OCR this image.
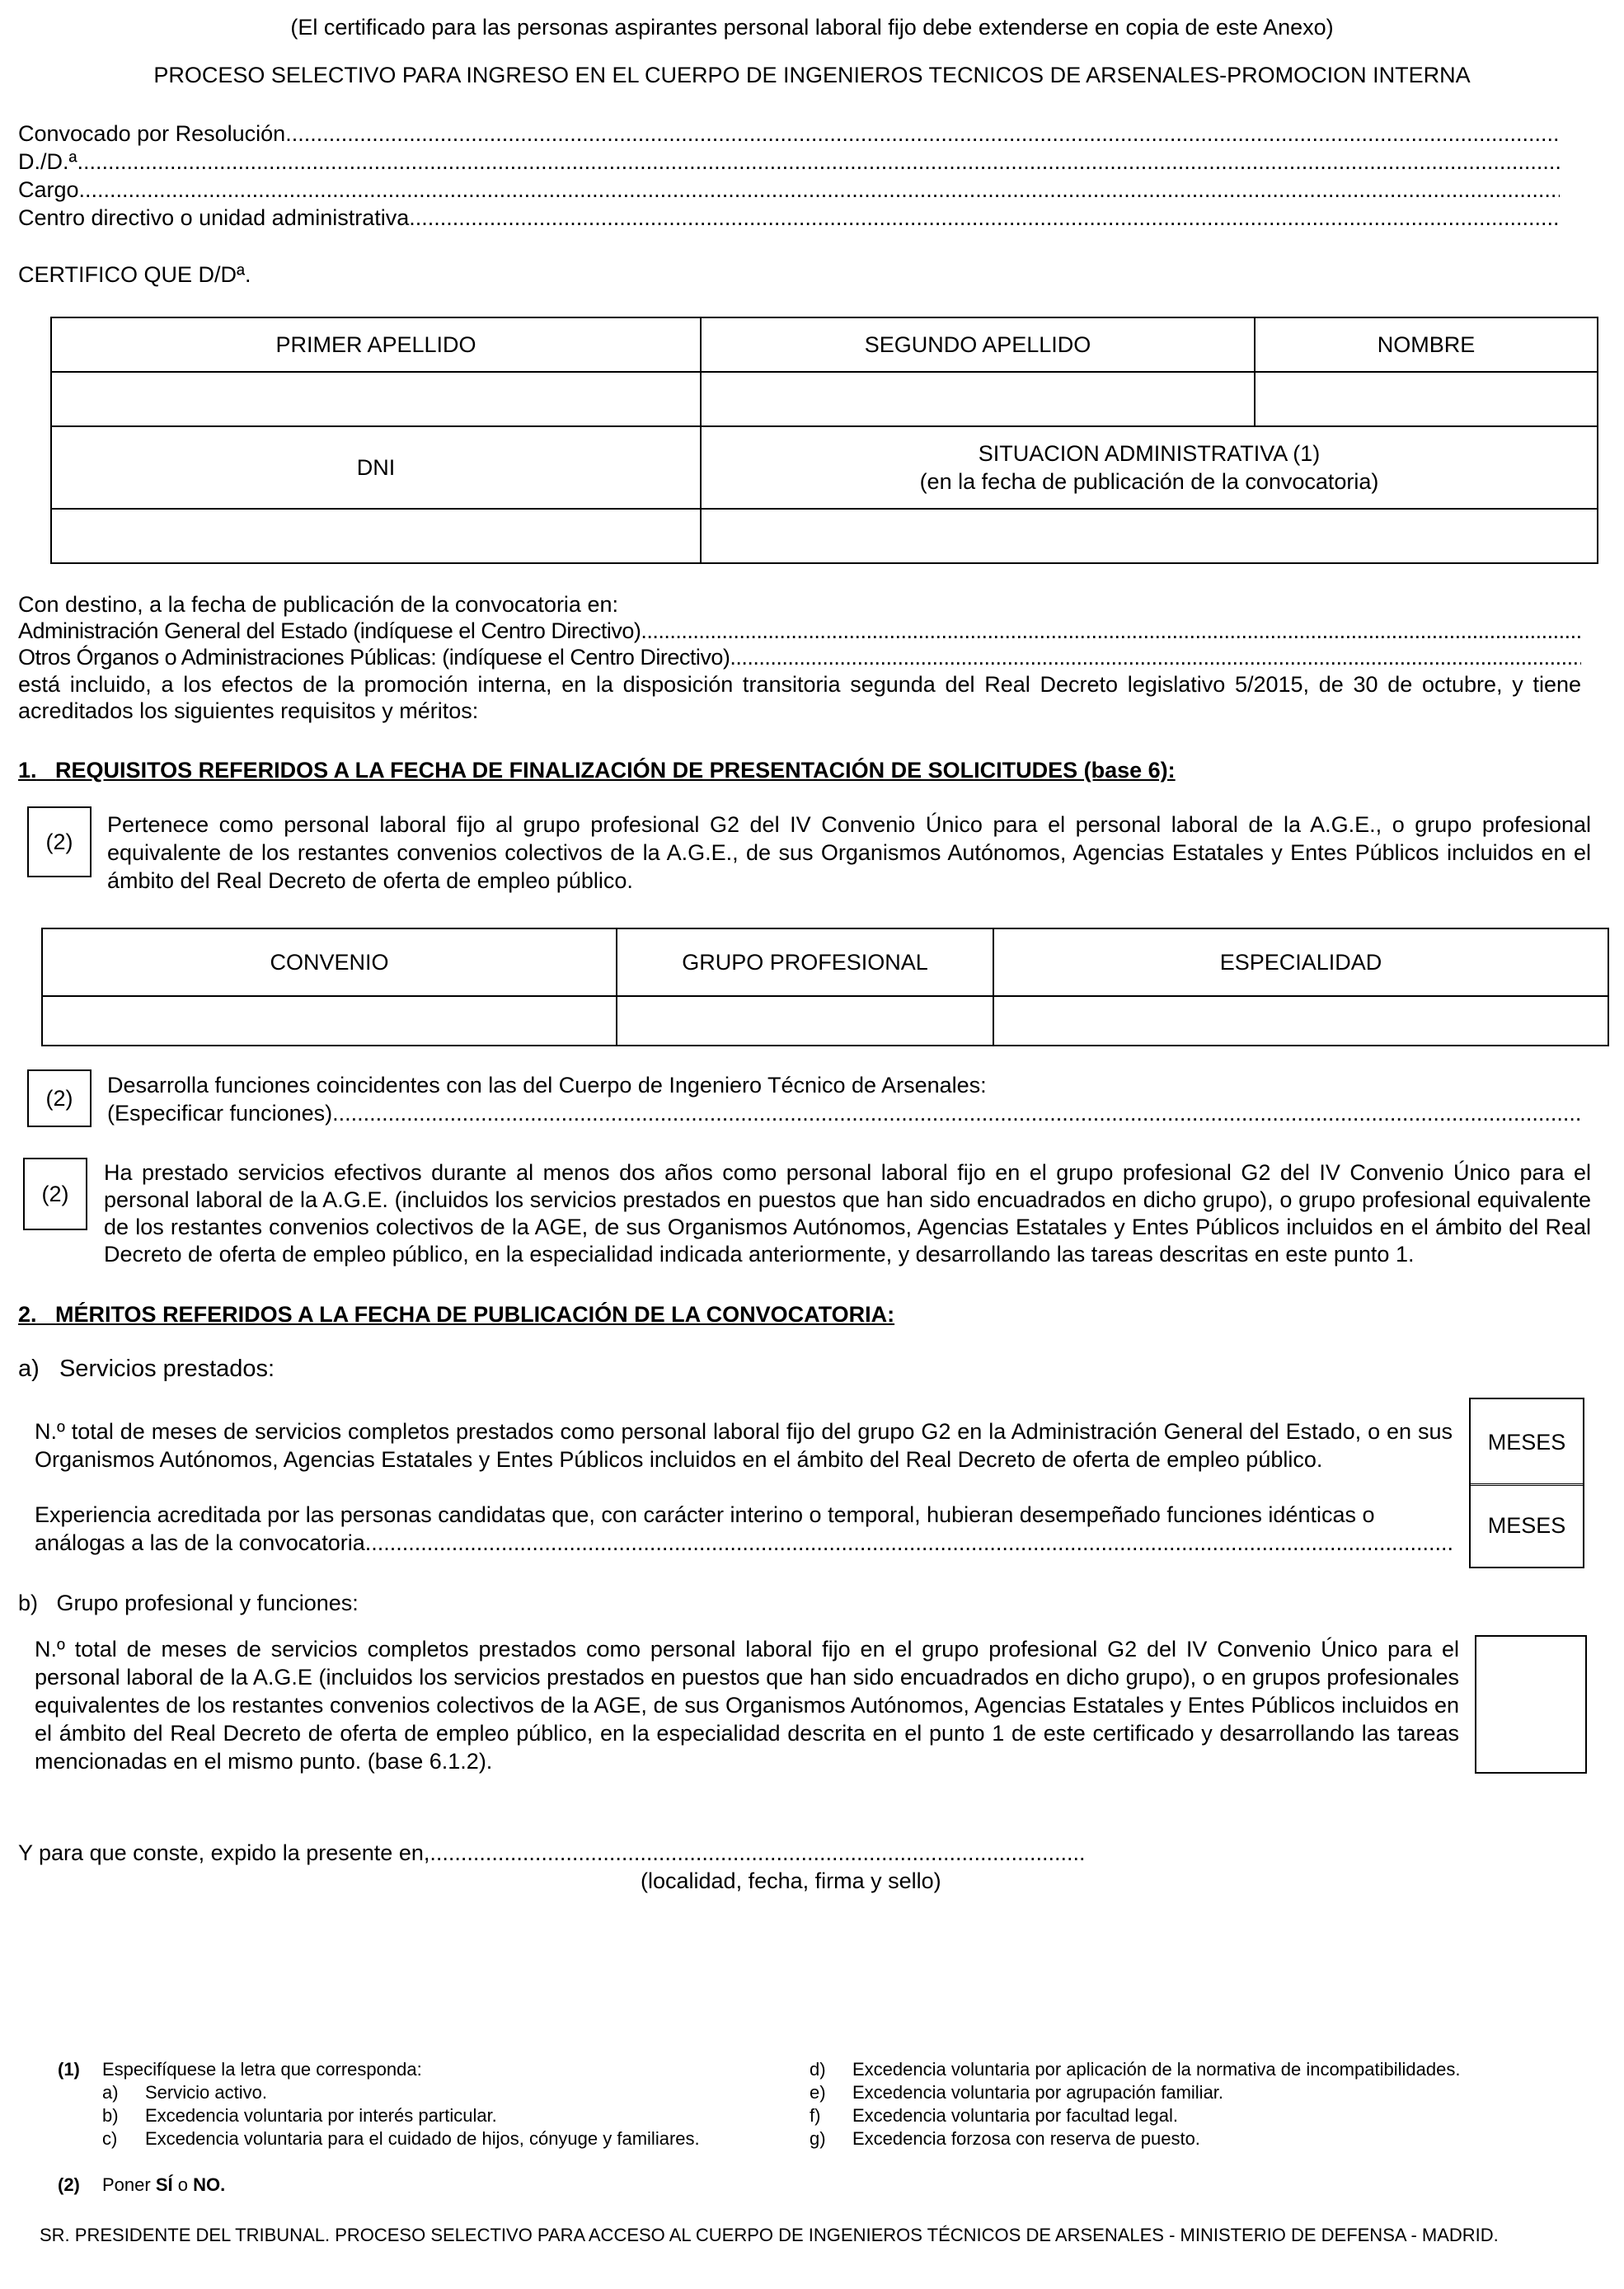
(El certificado para las personas aspirantes personal laboral fijo debe extenderse en copia de este Anexo)
PROCESO SELECTIVO PARA INGRESO EN EL CUERPO DE INGENIEROS TECNICOS DE ARSENALES-PROMOCION INTERNA
Convocado por Resolución
.....
D./D.ª
.....
Cargo
.....
Centro directivo o unidad administrativa
.....
CERTIFICO QUE D/Dª.
PRIMER APELLIDO	SEGUNDO APELLIDO	NOMBRE

DNI	SITUACION ADMINISTRATIVA (1)
(en la fecha de publicación de la convocatoria)	

Con destino, a la fecha de publicación de la convocatoria en:
Administración General del Estado (indíquese el Centro Directivo)
.....
Otros Órganos o Administraciones Públicas: (indíquese el Centro Directivo)
.....
está incluido, a los efectos de la promoción interna, en la disposición transitoria segunda del Real Decreto legislativo 5/2015, de 30 de octubre, y tiene acreditados los siguientes requisitos y méritos:
1. REQUISITOS REFERIDOS A LA FECHA DE FINALIZACIÓN DE PRESENTACIÓN DE SOLICITUDES (base 6):
(2)
Pertenece como personal laboral fijo al grupo profesional G2 del IV Convenio Único para el personal laboral de la A.G.E., o grupo profesional equivalente de los restantes convenios colectivos de la A.G.E., de sus Organismos Autónomos, Agencias Estatales y Entes Públicos incluidos en el ámbito del Real Decreto de oferta de empleo público.
CONVENIO	GRUPO PROFESIONAL	ESPECIALIDAD

(2)
Desarrolla funciones coincidentes con las del Cuerpo de Ingeniero Técnico de Arsenales:
(Especificar funciones)
.....
(2)
Ha prestado servicios efectivos durante al menos dos años como personal laboral fijo en el grupo profesional G2 del IV Convenio Único para el personal laboral de la A.G.E. (incluidos los servicios prestados en puestos que han sido encuadrados en dicho grupo), o grupo profesional equivalente de los restantes convenios colectivos de la AGE, de sus Organismos Autónomos, Agencias Estatales y Entes Públicos incluidos en el ámbito del Real Decreto de oferta de empleo público, en la especialidad indicada anteriormente, y desarrollando las tareas descritas en este punto 1.
2. MÉRITOS REFERIDOS A LA FECHA DE PUBLICACIÓN DE LA CONVOCATORIA:
a) Servicios prestados:
N.º total de meses de servicios completos prestados como personal laboral fijo del grupo G2 en la Administración General del Estado, o en sus Organismos Autónomos, Agencias Estatales y Entes Públicos incluidos en el ámbito del Real Decreto de oferta de empleo público.
Experiencia acreditada por las personas candidatas que, con carácter interino o temporal, hubieran desempeñado funciones idénticas o
análogas a las de la convocatoria
.....
MESES
MESES
b) Grupo profesional y funciones:
N.º total de meses de servicios completos prestados como personal laboral fijo en el grupo profesional G2 del IV Convenio Único para el personal laboral de la A.G.E (incluidos los servicios prestados en puestos que han sido encuadrados en dicho grupo), o en grupos profesionales equivalentes de los restantes convenios colectivos de la AGE, de sus Organismos Autónomos, Agencias Estatales y Entes Públicos incluidos en el ámbito del Real Decreto de oferta de empleo público, en la especialidad descrita en el punto 1 de este certificado y desarrollando las tareas mencionadas en el mismo punto. (base 6.1.2).
Y para que conste, expido la presente en,
.....
(localidad, fecha, firma y sello)
(1) Especifíquese la letra que corresponda:
a)	Servicio activo.
b)	Excedencia voluntaria por interés particular.
c)	Excedencia voluntaria para el cuidado de hijos, cónyuge y familiares.
d)	Excedencia voluntaria por aplicación de la normativa de incompatibilidades.
e)	Excedencia voluntaria por agrupación familiar.
f)	Excedencia voluntaria por facultad legal.
g)	Excedencia forzosa con reserva de puesto.
(2) Poner SÍ o NO.
SR. PRESIDENTE DEL TRIBUNAL. PROCESO SELECTIVO PARA ACCESO AL CUERPO DE INGENIEROS TÉCNICOS DE ARSENALES - MINISTERIO DE DEFENSA - MADRID.
